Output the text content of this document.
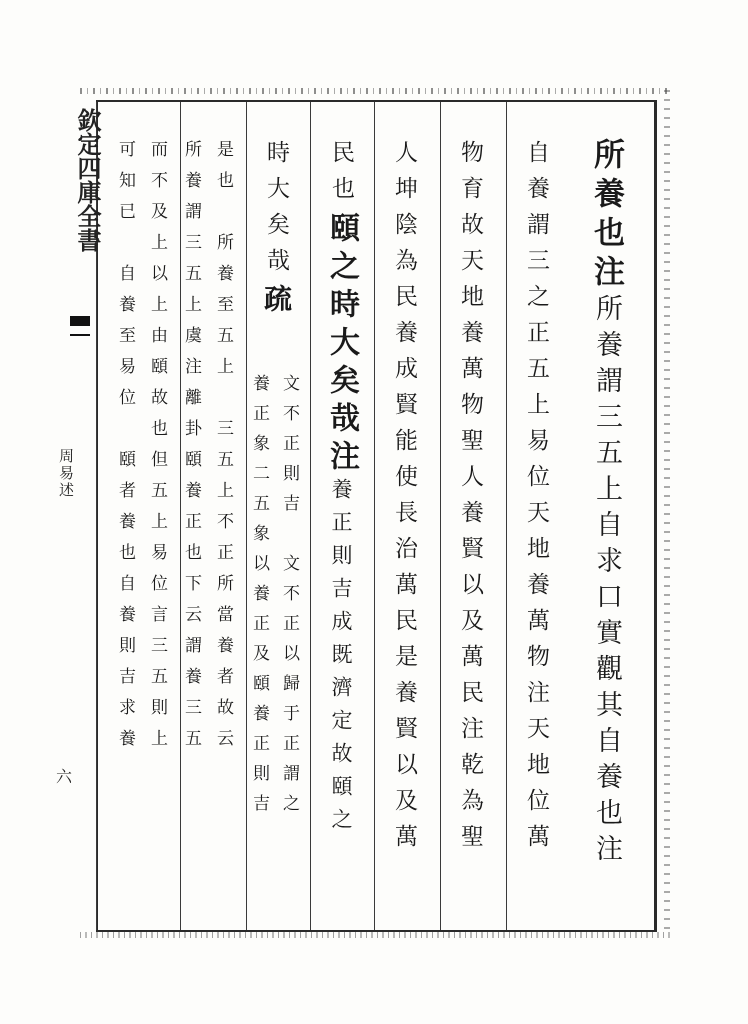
欽定四庫全書
周易述
六
所養也注所養謂三五上自求口實觀其自養也注
自養謂三之正五上易位天地養萬物注天地位萬
物育故天地養萬物聖人養賢以及萬民注乾為聖
人坤陰為民養成賢能使長治萬民是養賢以及萬
民也頤之時大矣哉注養正則吉成既濟定故頤之
時大矣哉疏
文不正則吉　文不正以歸于正謂之
養正象二五象以養正及頤養正則吉
是也　所養至五上　三五上不正所當養者故云
所養謂三五上虞注離卦頤養正也下云謂養三五
而不及上以上由頤故也但五上易位言三五則上
可知已　自養至易位　頤者養也自養則吉求養
